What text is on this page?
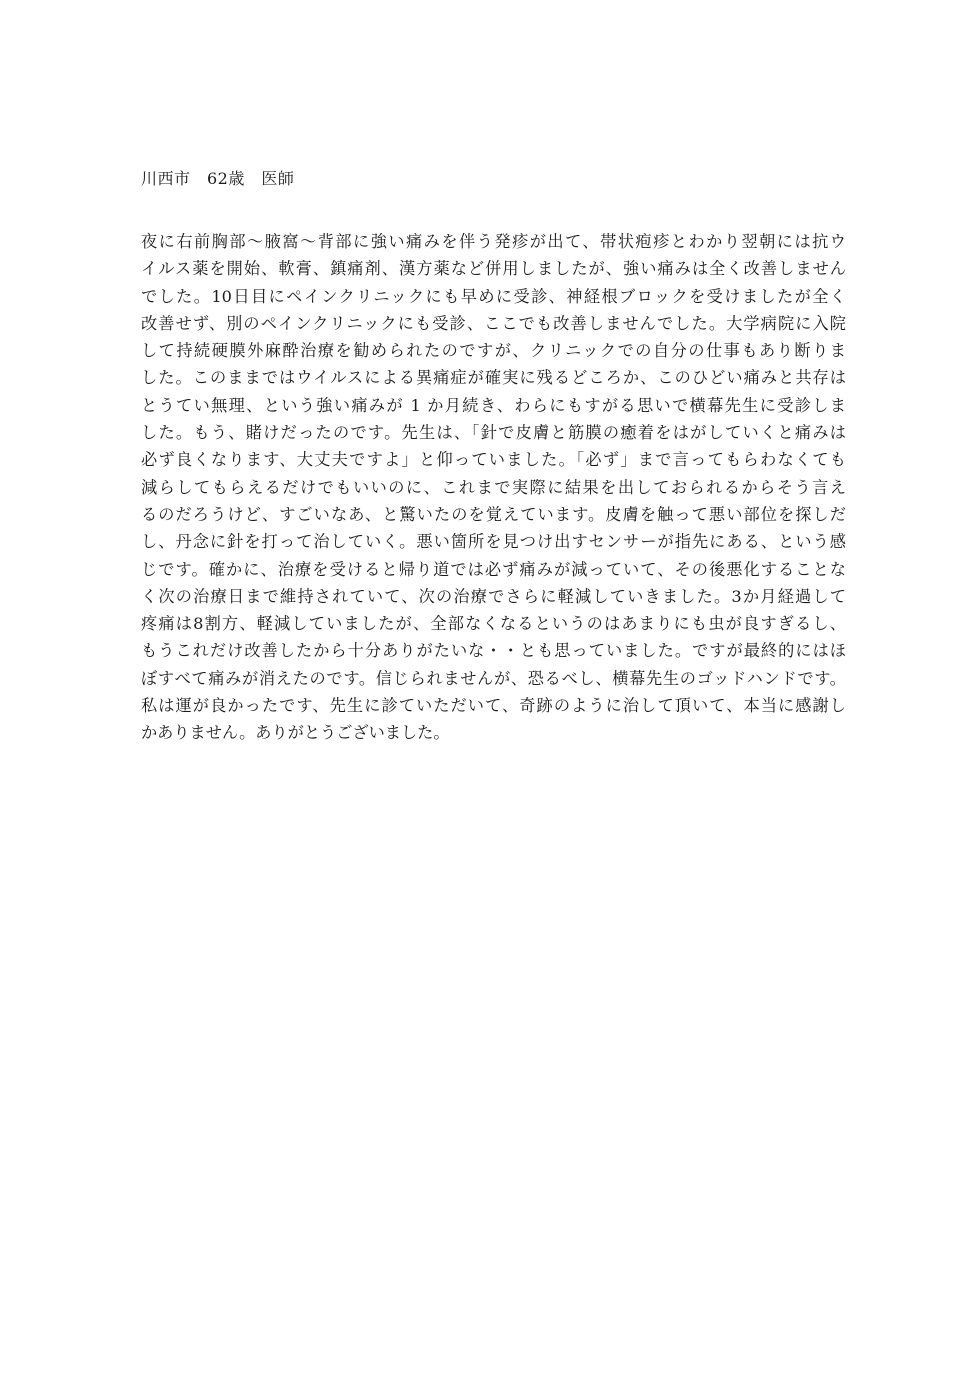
川西市　62歳　医師
夜に右前胸部〜腋窩〜背部に強い痛みを伴う発疹が出て、帯状疱疹とわかり翌朝には抗ウ
イルス薬を開始、軟膏、鎮痛剤、漢方薬など併用しましたが、強い痛みは全く改善しません
でした。10日目にペインクリニックにも早めに受診、神経根ブロックを受けましたが全く
改善せず、別のペインクリニックにも受診、ここでも改善しませんでした。大学病院に入院
して持続硬膜外麻酔治療を勧められたのですが、クリニックでの自分の仕事もあり断りま
した。このままではウイルスによる異痛症が確実に残るどころか、このひどい痛みと共存は
とうてい無理、という強い痛みが 1 か月続き、わらにもすがる思いで横幕先生に受診しま
した。もう、賭けだったのです。先生は、「針で皮膚と筋膜の癒着をはがしていくと痛みは
必ず良くなります、大丈夫ですよ」と仰っていました。「必ず」まで言ってもらわなくても
減らしてもらえるだけでもいいのに、これまで実際に結果を出しておられるからそう言え
るのだろうけど、すごいなあ、と驚いたのを覚えています。皮膚を触って悪い部位を探しだ
し、丹念に針を打って治していく。悪い箇所を見つけ出すセンサーが指先にある、という感
じです。確かに、治療を受けると帰り道では必ず痛みが減っていて、その後悪化することな
く次の治療日まで維持されていて、次の治療でさらに軽減していきました。3か月経過して
疼痛は8割方、軽減していましたが、全部なくなるというのはあまりにも虫が良すぎるし、
もうこれだけ改善したから十分ありがたいな・・とも思っていました。ですが最終的にはほ
ぼすべて痛みが消えたのです。信じられませんが、恐るべし、横幕先生のゴッドハンドです。
私は運が良かったです、先生に診ていただいて、奇跡のように治して頂いて、本当に感謝し
かありません。ありがとうございました。
